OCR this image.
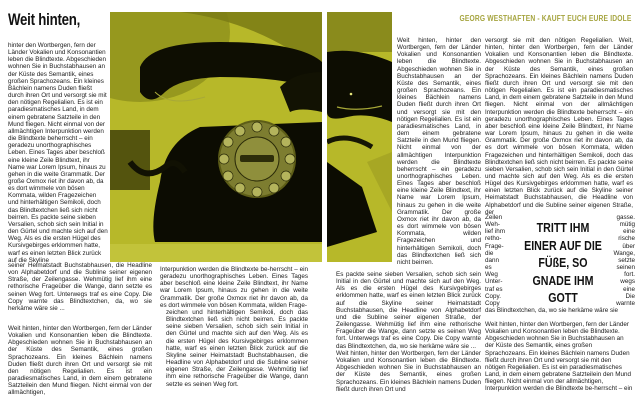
Weit hinten,

hinter den Wortbergen, fern der Länder Vokalien und Konsonantien leben die Blindtexte. Abgeschieden wohnen Sie in Buchstabhausen an der Küste des Semantik, eines großen Sprachozeans. Ein kleines Bächlein namens Duden fließt durch ihren Ort und versorgt sie mit den nötigen Regelialien. Es ist ein paradiesmatisches Land, in dem einem gebratene Satzteile in den Mund fliegen. Nicht einmal von der allmächtigen Interpunktion werden die Blindtexte beherrscht – ein geradezu unorthographisches Leben. Eines Tages aber beschloß eine kleine Zeile Blindtext, ihr Name war Lorem Ipsum, hinaus zu gehen in die weite Grammatik. Der große Oxmox riet ihr davon ab, da es dort wimmele von bösen Kommata, wilden Fragezeichen und hinterhältigen Semikoli, doch das Blindtextchen ließ sich nicht beirren. Es packte seine sieben Versalien, schob sich sein Initial in den Gürtel und machte sich auf den Weg. Als es die ersten Hügel des Kursivgebirges erklommen hatte, warf es einen letzten Blick zurück auf die Skyline

seiner Heimatstadt Buchstabhausen, die Headline von Alphabetdorf und die Subline seiner eigenen Straße, der Zeilengasse. Wehmütig lief ihm eine rethorische Frageüber die Wange, dann setzte es seinen Weg fort. Unterwegs traf es eine Copy. Die Copy warnte das Blindtextchen, da, wo sie herkäme wäre sie ...

Weit hinten, hinter den Wortbergen, fern der Länder Vokalien und Konsonantien leben die Blindtexte. Abgeschieden wohnen Sie in Buchstabhausen an der Küste des Semantik, eines großen Sprachozeans. Ein kleines Bächlein namens Duden fließt durch ihren Ort und versorgt sie mit den nötigen Regelialien. Es ist ein paradiesmatisches Land, in dem einem gebratene Satzteilein den Mund fliegen. Nicht einmal von der allmächtigen,

Interpunktion werden die Blindtexte be-herrscht – ein geradezu unorthographisches Leben. Eines Tages aber beschloß eine kleine Zeile Blindtext, ihr Name war Lorem Ipsum, hinaus zu gehen in die weite Grammatik. Der große Oxmox riet ihr davon ab, da es dort wimmele von bösen Kommata, wilden Frage-

zeichen und hinterhältigen Semikoli, doch das Blindtextchen ließ sich nicht beirren. Es packte seine sieben Versalien, schob sich sein Initial in den Gürtel und machte sich auf den Weg. Als es die ersten Hügel des Kursivgebirges erklommen hatte, warf es einen letzten Blick zurück auf die Skyline seiner Heimatstadt Buchstabhausen, die Headline von Alphabetdorf und die Subline seiner eigenen Straße, der Zeilengasse. Wehmütig lief ihm eine rethorische Frageüber die Wange, dann setzte es seinen Weg fort.

GEORG WESTHAFTEN - KAUFT EUCH EURE IDOLE

Weit hinten, hinter den Wortbergen, fern der Länder Vokalien und Konsonantien leben die Blindtexte. Abgeschieden wohnen Sie in Buchstabhausen an der Küste des Semantik, eines großen Sprachozeans. Ein kleines Bächlein namens Duden fließt durch ihren Ort und versorgt sie mit den nötigen Regelialien. Es ist ein paradiesmatisches Land, in dem einem gebratene Satzteile in den Mund fliegen. Nicht einmal von der allmächtigen Interpunktion werden die Blindtexte beherrscht – ein geradezu unorthographisches Leben. Eines Tages aber beschloß eine kleine Zeile Blindtext, ihr Name war Lorem Ipsum, hinaus zu gehen in die weite Grammatik. Der große Oxmox riet ihr davon ab, da es dort wimmele von bösen Kommata, wilden Fragezeichen und hinterhältigen Semikoli, doch das Blindtextchen ließ sich nicht beirren.

Es packte seine sieben Versalien, schob sich sein Initial in den Gürtel und machte sich auf den Weg. Als es die ersten Hügel des Kursivgebirges erklommen hatte, warf es einen letzten Blick zurück auf die Skyline seiner Heimatstadt Buchstabhausen, die Headline von Alphabetdorf und die Subline seiner eigenen Straße, der Zeilengasse. Wehmütig lief ihm eine rethorische Frageüber die Wange, dann setzte es seinen Weg fort. Unterwegs traf es eine Copy. Die Copy warnte das Blindtextchen, da, wo sie herkäme wäre sie ...

Weit hinten, hinter den Wortbergen, fern der Länder Vokalien und Konsonantien leben die Blindtexte. Abgeschieden wohnen Sie in Buchstabhausen an der Küste des Semantik, eines großen Sprachozeans. Ein kleines Bächlein namens Duden fließt durch ihren Ort und

versorgt sie mit den nötigen Regelialien. Weit, hinten, hinter den Wortbergen, fern der Länder Vokalien und Konsonantien leben die Blindtexte. Abgeschieden wohnen Sie in Buchstabhausen an der Küste des Semantik, eines großen Sprachozeans. Ein kleines Bächlein namens Duden fließt durch ihren Ort und versorgt sie mit den nötigen Regelialien. Es ist ein paradiesmatisches Land, in dem einem gebratene Satzteile in den Mund fliegen. Nicht einmal von der allmächtigen Interpunktion werden die Blindtexte beherrscht – ein geradezu unorthographisches Leben. Eines Tages aber beschloß eine kleine Zeile Blindtext, ihr Name war Lorem Ipsum, hinaus zu gehen in die weite Grammatik. Der große Oxmox riet ihr davon ab, da es dort wimmele von bösen Kommata, wilden Fragezeichen und hinterhältigen Semikoli, doch das Blindtextchen ließ sich nicht beirren. Es packte seine sieben Versalien, schob sich sein Initial in den Gürtel und machte sich auf den Weg. Als es die ersten Hügel des Kursivgebirges erklommen hatte, warf es einen letzten Blick zurück auf die Skyline seiner Heimatstadt Buchstabhausen, die Headline von Alphabetdorf und die Subline seiner eigenen Straße, der

Zeilen
Weh-
lief ihm
retho-
Frage-
die
dann
es
Weg
Unter-
traf es
Copy.
Copy
gasse.
mütig
eine
rische
über
Wange,
setzte
seinen
fort.
wegs
eine
Die
warnte

TRITT IHM EINER AUF DIE FÜßE, SO GNADE IHM GOTT

das Blindtextchen, da, wo sie herkäme wäre sie

Weit hinten, hinter den Wortbergen, fern der Länder Vokalien und Konsonantien leben die Blindtexte. Abgeschieden wohnen Sie in Buchstabhausen an der Küste des Semantik, eines großen Sprachozeans. Ein kleines Bächlein namens Duden fließt durch ihren Ort und versorgt sie mit den nötigen Regelialien. Es ist ein paradiesmatisches Land, in dem einem gebratene Satzteilein den Mund fliegen. Nicht einmal von der allmächtigen, Interpunktion werden die Blindtexte be-herrscht – ein
